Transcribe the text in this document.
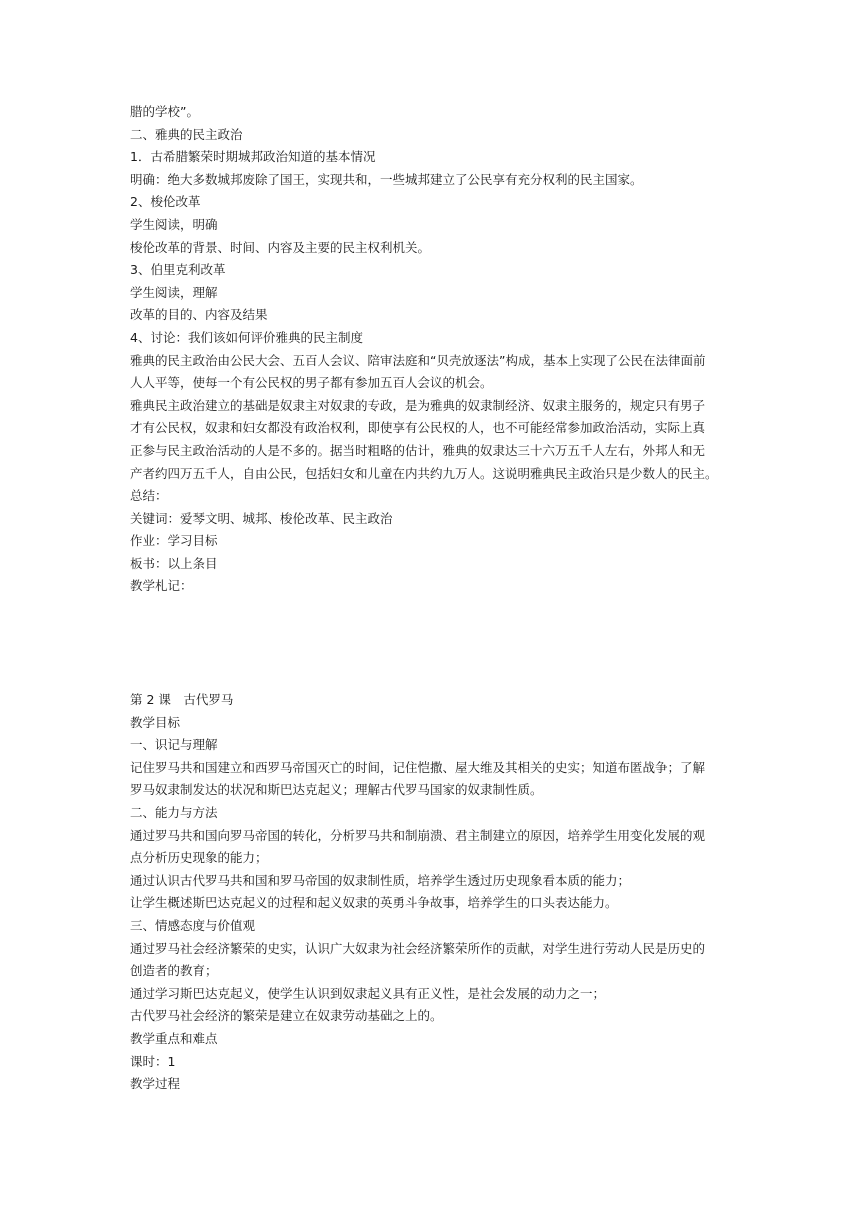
腊的学校”。

二、雅典的民主政治

1．古希腊繁荣时期城邦政治知道的基本情况

明确：绝大多数城邦废除了国王，实现共和，一些城邦建立了公民享有充分权利的民主国家。

2、梭伦改革

学生阅读，明确

梭伦改革的背景、时间、内容及主要的民主权利机关。

3、伯里克利改革

学生阅读，理解

改革的目的、内容及结果

4、讨论：我们该如何评价雅典的民主制度

雅典的民主政治由公民大会、五百人会议、陪审法庭和“贝壳放逐法”构成，基本上实现了公民在法律面前

人人平等，使每一个有公民权的男子都有参加五百人会议的机会。

雅典民主政治建立的基础是奴隶主对奴隶的专政，是为雅典的奴隶制经济、奴隶主服务的，规定只有男子

才有公民权，奴隶和妇女都没有政治权利，即使享有公民权的人，也不可能经常参加政治活动，实际上真

正参与民主政治活动的人是不多的。据当时粗略的估计，雅典的奴隶达三十六万五千人左右，外邦人和无

产者约四万五千人，自由公民，包括妇女和儿童在内共约九万人。这说明雅典民主政治只是少数人的民主。

总结：

关键词：爱琴文明、城邦、梭伦改革、民主政治

作业：学习目标

板书：以上条目

教学札记：

第 2 课　古代罗马

教学目标

一、识记与理解

记住罗马共和国建立和西罗马帝国灭亡的时间，记住恺撒、屋大维及其相关的史实；知道布匿战争；了解

罗马奴隶制发达的状况和斯巴达克起义；理解古代罗马国家的奴隶制性质。

二、能力与方法

通过罗马共和国向罗马帝国的转化，分析罗马共和制崩溃、君主制建立的原因，培养学生用变化发展的观

点分析历史现象的能力；

通过认识古代罗马共和国和罗马帝国的奴隶制性质，培养学生透过历史现象看本质的能力；

让学生概述斯巴达克起义的过程和起义奴隶的英勇斗争故事，培养学生的口头表达能力。

三、情感态度与价值观

通过罗马社会经济繁荣的史实，认识广大奴隶为社会经济繁荣所作的贡献，对学生进行劳动人民是历史的

创造者的教育；

通过学习斯巴达克起义，使学生认识到奴隶起义具有正义性，是社会发展的动力之一；

古代罗马社会经济的繁荣是建立在奴隶劳动基础之上的。

教学重点和难点

课时：1

教学过程
